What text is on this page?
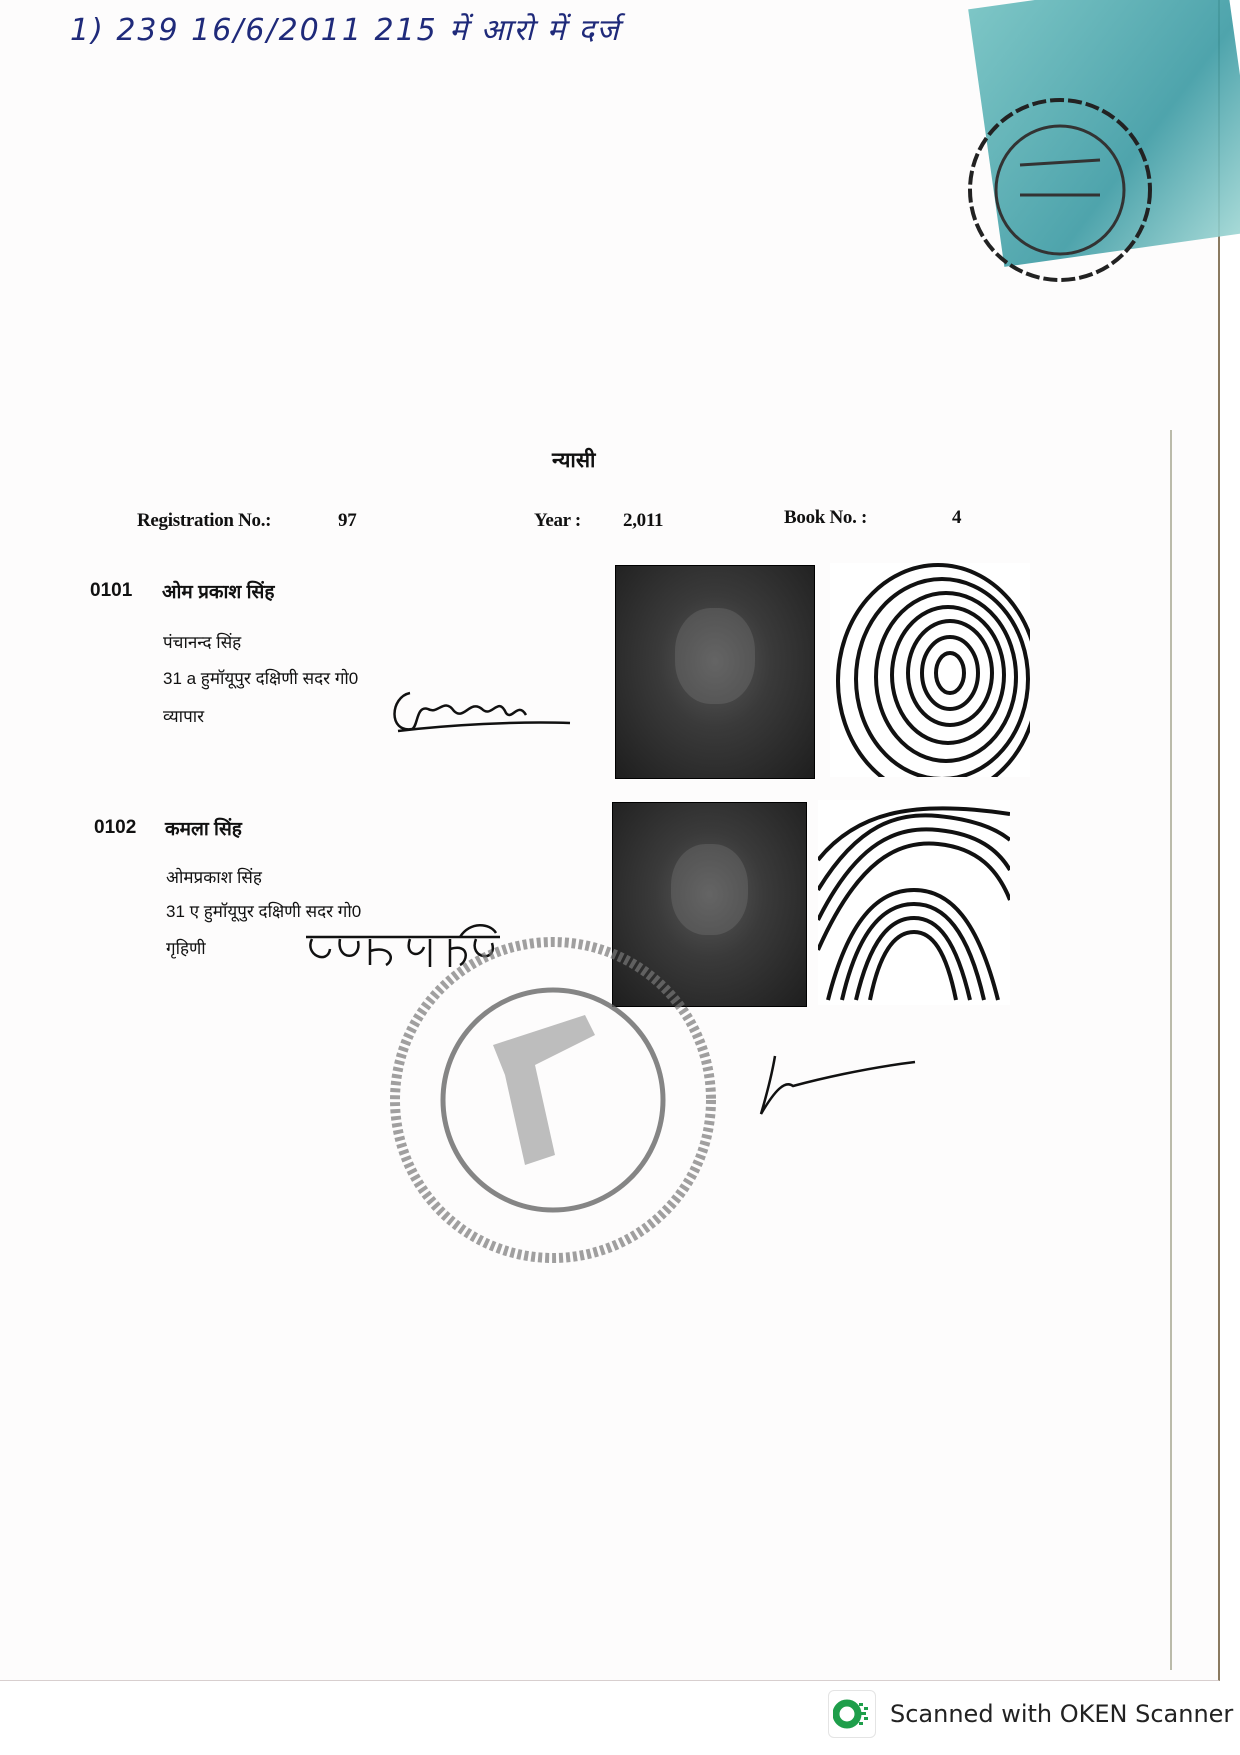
1) 239 16/6/2011 215 में आरो में दर्ज
न्यासी
Registration No.:	97	Year : 2,011	Book No. :	4
0101 ओम प्रकाश सिंह
पंचानन्द सिंह
31 a हुमॉयूपुर दक्षिणी सदर गो0
व्यापार
0102 कमला सिंह
ओमप्रकाश सिंह
31 ए हुमॉयूपुर दक्षिणी सदर गो0
गृहिणी
Scanned with OKEN Scanner
